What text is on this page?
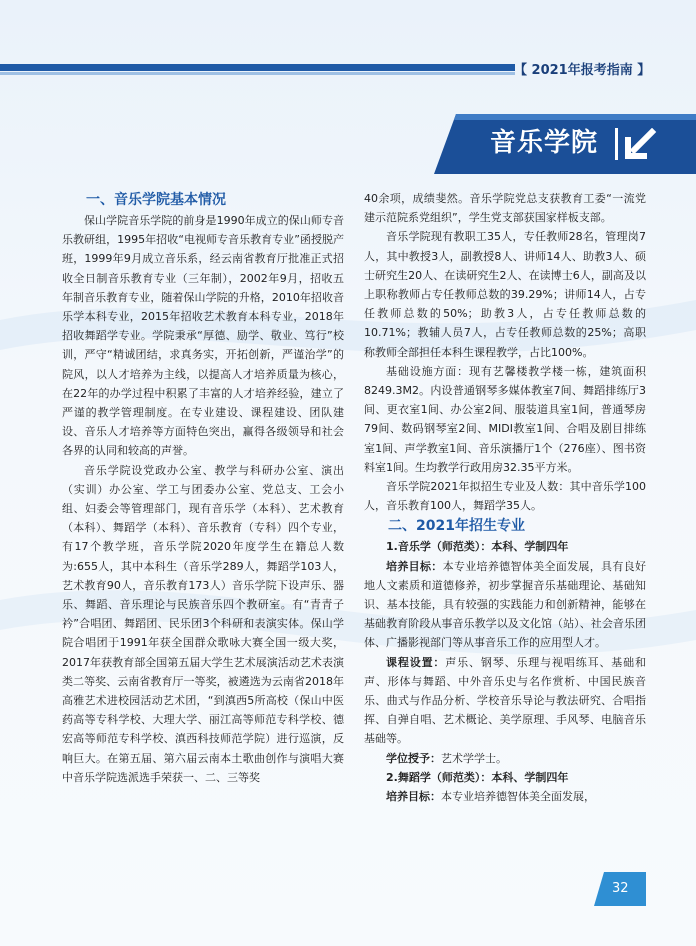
【 2021年报考指南 】
音乐学院
一、音乐学院基本情况

保山学院音乐学院的前身是1990年成立的保山师专音乐教研组，1995年招收“电视师专音乐教育专业”函授脱产班，1999年9月成立音乐系，经云南省教育厅批准正式招收全日制音乐教育专业（三年制），2002年9月，招收五年制音乐教育专业，随着保山学院的升格，2010年招收音乐学本科专业，2015年招收艺术教育本科专业，2018年招收舞蹈学专业。学院秉承“厚德、励学、敬业、笃行”校训，严守“精诚团结，求真务实，开拓创新，严谨治学”的院风，以人才培养为主线，以提高人才培养质量为核心，在22年的办学过程中积累了丰富的人才培养经验，建立了严谨的教学管理制度。在专业建设、课程建设、团队建设、音乐人才培养等方面特色突出，赢得各级领导和社会各界的认同和较高的声誉。

音乐学院设党政办公室、教学与科研办公室、演出（实训）办公室、学工与团委办公室、党总支、工会小组、妇委会等管理部门，现有音乐学（本科）、艺术教育（本科）、舞蹈学（本科）、音乐教育（专科）四个专业，有17个教学班，音乐学院2020年度学生在籍总人数为:655人，其中本科生（音乐学289人，舞蹈学103人，艺术教育90人，音乐教育173人）音乐学院下设声乐、器乐、舞蹈、音乐理论与民族音乐四个教研室。有“青青子衿”合唱团、舞蹈团、民乐团3个科研和表演实体。保山学院合唱团于1991年获全国群众歌咏大赛全国一级大奖，2017年获教育部全国第五届大学生艺术展演活动艺术表演类二等奖、云南省教育厅一等奖，被遴选为云南省2018年高雅艺术进校园活动艺术团，“到滇西5所高校（保山中医药高等专科学校、大理大学、丽江高等师范专科学校、德宏高等师范专科学校、滇西科技师范学院）进行巡演，反响巨大。在第五届、第六届云南本土歌曲创作与演唱大赛中音乐学院选派选手荣获一、二、三等奖

40余项，成绩斐然。音乐学院党总支获教育工委“一流党建示范院系党组织”，学生党支部获国家样板支部。

音乐学院现有教职工35人，专任教师28名，管理岗7人，其中教授3人，副教授8人、讲师14人、助教3人、硕士研究生20人、在读研究生2人、在读博士6人，副高及以上职称教师占专任教师总数的39.29%；讲师14人，占专任教师总数的50%；助教3人，占专任教师总数的10.71%；教辅人员7人，占专任教师总数的25%；高职称教师全部担任本科生课程教学，占比100%。

基础设施方面：现有艺馨楼教学楼一栋，建筑面积8249.3M2。内设普通钢琴多媒体教室7间、舞蹈排练厅3间、更衣室1间、办公室2间、服装道具室1间，普通琴房79间、数码钢琴室2间、MIDI教室1间、合唱及剧目排练室1间、声学教室1间、音乐演播厅1个（276座）、图书资料室1间。生均教学行政用房32.35平方米。

音乐学院2021年拟招生专业及人数：其中音乐学100人，音乐教育100人，舞蹈学35人。

二、2021年招生专业
1.音乐学（师范类）：本科、学制四年

培养目标：本专业培养德智体美全面发展，具有良好地人文素质和道德修养，初步掌握音乐基础理论、基础知识、基本技能，具有较强的实践能力和创新精神，能够在基础教育阶段从事音乐教学以及文化馆（站）、社会音乐团体、广播影视部门等从事音乐工作的应用型人才。

课程设置：声乐、钢琴、乐理与视唱练耳、基础和声、形体与舞蹈、中外音乐史与名作赏析、中国民族音乐、曲式与作品分析、学校音乐导论与教法研究、合唱指挥、自弹自唱、艺术概论、美学原理、手风琴、电脑音乐基础等。

学位授予：艺术学学士。

2.舞蹈学（师范类）：本科、学制四年

培养目标：本专业培养德智体美全面发展，

32
